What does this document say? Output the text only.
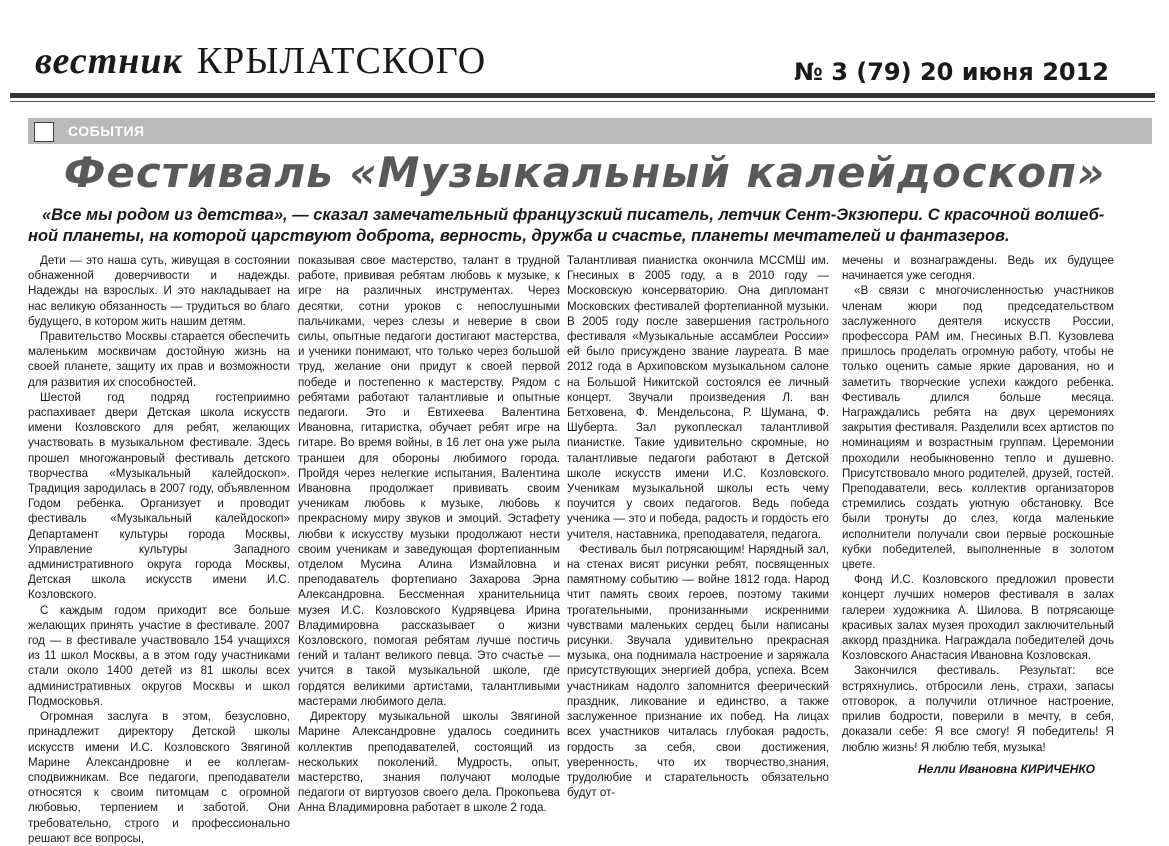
вестник КРЫЛАТСКОГО	№ 3 (79) 20 июня 2012
СОБЫТИЯ
Фестиваль «Музыкальный калейдоскоп»
«Все мы родом из детства», — сказал замечательный французский писатель, летчик Сент-Экзюпери. С красочной волшеб-
ной планеты, на которой царствуют доброта, верность, дружба и счастье, планеты мечтателей и фантазеров.

Дети — это наша суть, живущая в состоянии обнаженной доверчивости и надежды. Надежды на взрослых. И это накладывает на нас великую обязанность — трудиться во благо будущего, в котором жить нашим детям.

Правительство Москвы старается обеспечить маленьким москвичам достойную жизнь на своей планете, защиту их прав и возможности для развития их способностей.

Шестой год подряд гостеприимно распахивает двери Детская школа искусств имени Козловского для ребят, желающих участвовать в музыкальном фестивале. Здесь прошел многожанровый фестиваль детского творчества «Музыкальный калейдоскоп». Традиция зародилась в 2007 году, объявленном Годом ребенка. Организует и проводит фестиваль «Музыкальный калейдоскоп» Департамент культуры города Москвы, Управление культуры Западного административного округа города Москвы, Детская школа искусств имени И.С. Козловского.

С каждым годом приходит все больше желающих принять участие в фестивале. 2007 год — в фестивале участвовало 154 учащихся из 11 школ Москвы, а в этом году участниками стали около 1400 детей из 81 школы всех административных округов Москвы и школ Подмосковья.

Огромная заслуга в этом, безусловно, принадлежит директору Детской школы искусств имени И.С. Козловского Звягиной Марине Александровне и ее коллегам-сподвижникам. Все педагоги, преподаватели относятся к своим питомцам с огромной любовью, терпением и заботой. Они требовательно, строго и профессионально решают все вопросы,

показывая свое мастерство, талант в трудной работе, прививая ребятам любовь к музыке, к игре на различных инструментах. Через десятки, сотни уроков с непослушными пальчиками, через слезы и неверие в свои силы, опытные педагоги достигают мастерства, и ученики понимают, что только через большой труд, желание они придут к своей первой победе и постепенно к мастерству. Рядом с ребятами работают талантливые и опытные педагоги. Это и Евтихеева Валентина Ивановна, гитаристка, обучает ребят игре на гитаре. Во время войны, в 16 лет она уже рыла траншеи для обороны любимого города. Пройдя через нелегкие испытания, Валентина Ивановна продолжает прививать своим ученикам любовь к музыке, любовь к прекрасному миру звуков и эмоций. Эстафету любви к искусству музыки продолжают нести своим ученикам и заведующая фортепианным отделом Мусина Алина Измайловна и преподаватель фортепиано Захарова Эрна Александровна. Бессменная хранительница музея И.С. Козловского Кудрявцева Ирина Владимировна рассказывает о жизни Козловского, помогая ребятам лучше постичь гений и талант великого певца. Это счастье — учится в такой музыкальной школе, где гордятся великими артистами, талантливыми мастерами любимого дела.

Директору музыкальной школы Звягиной Марине Александровне удалось соединить коллектив преподавателей, состоящий из нескольких поколений. Мудрость, опыт, мастерство, знания получают молодые педагоги от виртуозов своего дела. Прокопьева Анна Владимировна работает в школе 2 года.

Талантливая пианистка окончила МССМШ им. Гнесиных в 2005 году, а в 2010 году — Московскую консерваторию. Она дипломант Московских фестивалей фортепианной музыки. В 2005 году после завершения гастрольного фестиваля «Музыкальные ассамблеи России» ей было присуждено звание лауреата. В мае 2012 года в Архиповском музыкальном салоне на Большой Никитской состоялся ее личный концерт. Звучали произведения Л. ван Бетховена, Ф. Мендельсона, Р. Шумана, Ф. Шуберта. Зал рукоплескал талантливой пианистке. Такие удивительно скромные, но талантливые педагоги работают в Детской школе искусств имени И.С. Козловского. Ученикам музыкальной школы есть чему поучится у своих педагогов. Ведь победа ученика — это и победа, радость и гордость его учителя, наставника, преподавателя, педагога.

Фестиваль был потрясающим! Нарядный зал, на стенах висят рисунки ребят, посвященных памятному событию — войне 1812 года. Народ чтит память своих героев, поэтому такими трогательными, пронизанными искренними чувствами маленьких сердец были написаны рисунки. Звучала удивительно прекрасная музыка, она поднимала настроение и заряжала присутствующих энергией добра, успеха. Всем участникам надолго запомнится феерический праздник, ликование и единство, а также заслуженное признание их побед. На лицах всех участников читалась глубокая радость, гордость за себя, свои достижения, уверенность, что их творчество,знания, трудолюбие и старательность обязательно будут от-

мечены и вознаграждены. Ведь их будущее начинается уже сегодня.

«В связи с многочисленностью участников членам жюри под председательством заслуженного деятеля искусств России, профессора РАМ им. Гнесиных В.П. Кузовлева пришлось проделать огромную работу, чтобы не только оценить самые яркие дарования, но и заметить творческие успехи каждого ребенка. Фестиваль длился больше месяца. Награждались ребята на двух церемониях закрытия фестиваля. Разделили всех артистов по номинациям и возрастным группам. Церемонии проходили необыкновенно тепло и душевно. Присутствовало много родителей, друзей, гостей. Преподаватели, весь коллектив организаторов стремились создать уютную обстановку. Все были тронуты до слез, когда маленькие исполнители получали свои первые роскошные кубки победителей, выполненные в золотом цвете.

Фонд И.С. Козловского предложил провести концерт лучших номеров фестиваля в залах галереи художника А. Шилова. В потрясающе красивых залах музея проходил заключительный аккорд праздника. Награждала победителей дочь Козловского Анастасия Ивановна Козловская.

Закончился фестиваль. Результат: все встряхнулись, отбросили лень, страхи, запасы отговорок, а получили отличное настроение, прилив бодрости, поверили в мечту, в себя, доказали себе: Я все смогу! Я победитель! Я люблю жизнь! Я люблю тебя, музыка!

Нелли Ивановна КИРИЧЕНКО
